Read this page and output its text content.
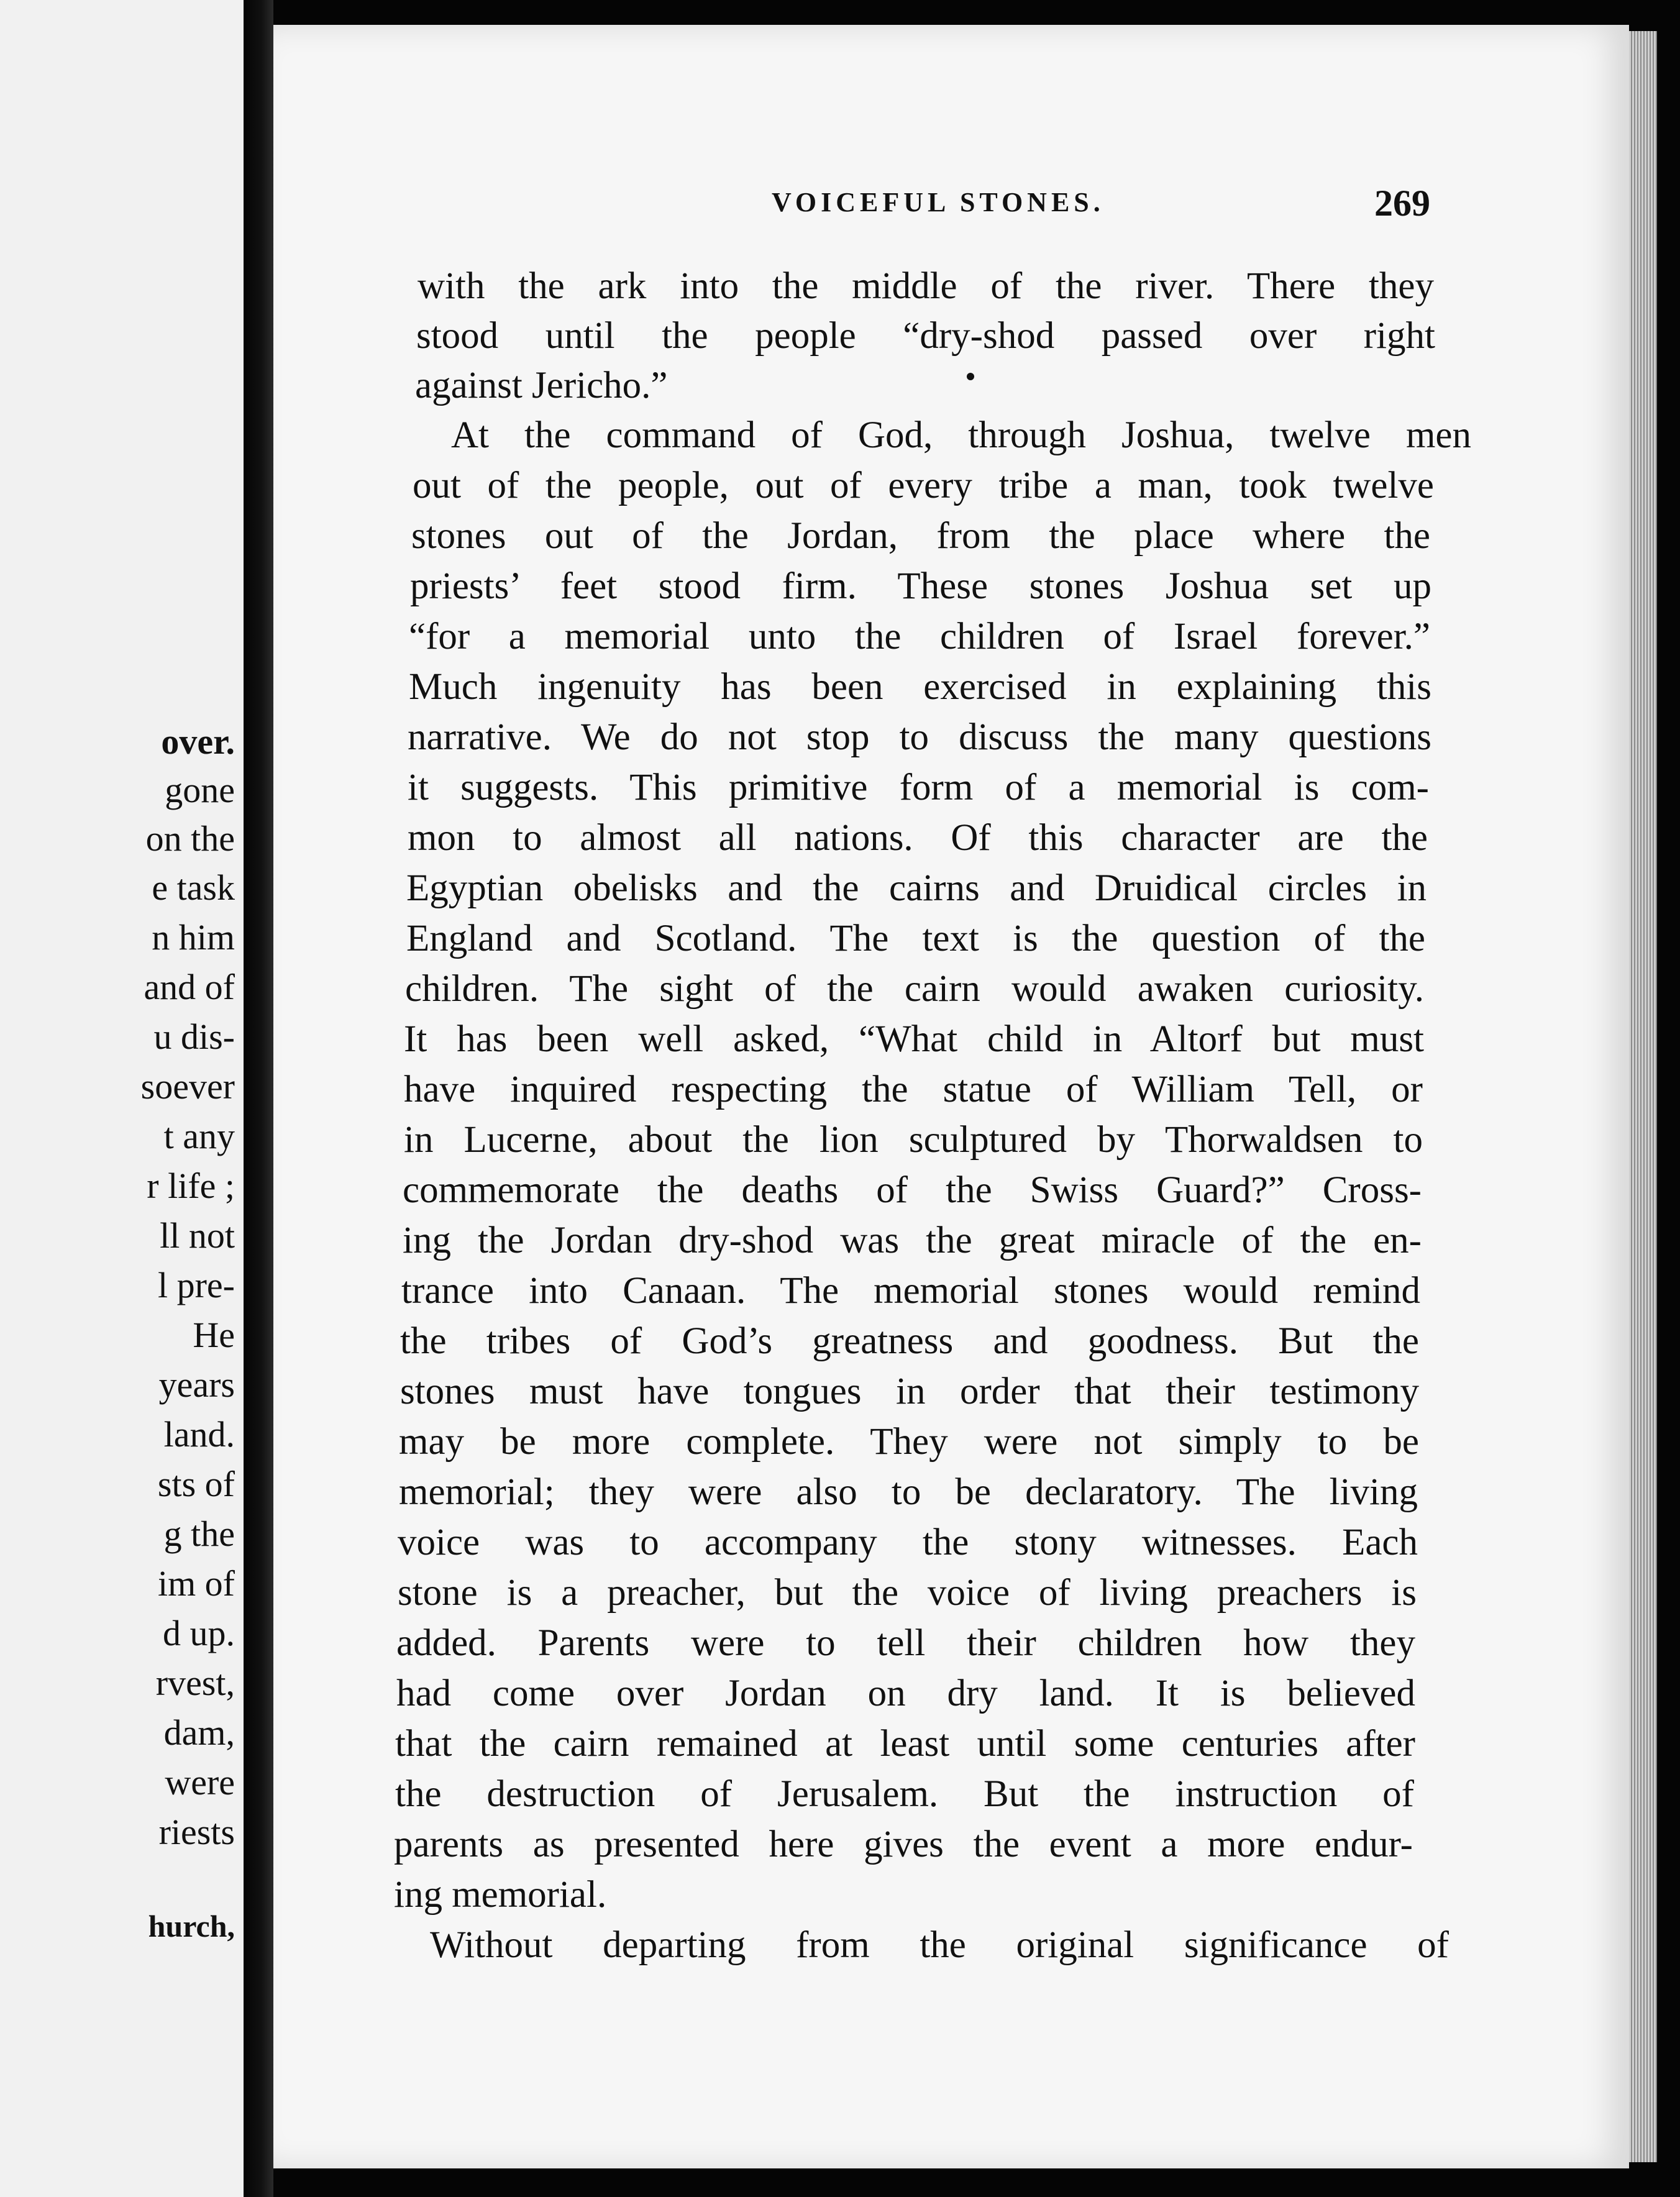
over.
gone
on the
e task
n him
and of
u dis-
soever
t any
r life ;
ll not
l pre-
He
years
land.
sts of
g the
im of
d up.
rvest,
dam,
were
riests
hurch,
VOICEFUL STONES.	269
with the ark into the middle of the river. There they
stood until the people “dry-shod passed over right
against Jericho.”
At the command of God, through Joshua, twelve men
out of the people, out of every tribe a man, took twelve
stones out of the Jordan, from the place where the
priests’ feet stood firm. These stones Joshua set up
“for a memorial unto the children of Israel forever.”
Much ingenuity has been exercised in explaining this
narrative. We do not stop to discuss the many questions
it suggests. This primitive form of a memorial is com-
mon to almost all nations. Of this character are the
Egyptian obelisks and the cairns and Druidical circles in
England and Scotland. The text is the question of the
children. The sight of the cairn would awaken curiosity.
It has been well asked, “What child in Altorf but must
have inquired respecting the statue of William Tell, or
in Lucerne, about the lion sculptured by Thorwaldsen to
commemorate the deaths of the Swiss Guard?” Cross-
ing the Jordan dry-shod was the great miracle of the en-
trance into Canaan. The memorial stones would remind
the tribes of God’s greatness and goodness. But the
stones must have tongues in order that their testimony
may be more complete. They were not simply to be
memorial; they were also to be declaratory. The living
voice was to accompany the stony witnesses. Each
stone is a preacher, but the voice of living preachers is
added. Parents were to tell their children how they
had come over Jordan on dry land. It is believed
that the cairn remained at least until some centuries after
the destruction of Jerusalem. But the instruction of
parents as presented here gives the event a more endur-
ing memorial.
Without departing from the original significance of
